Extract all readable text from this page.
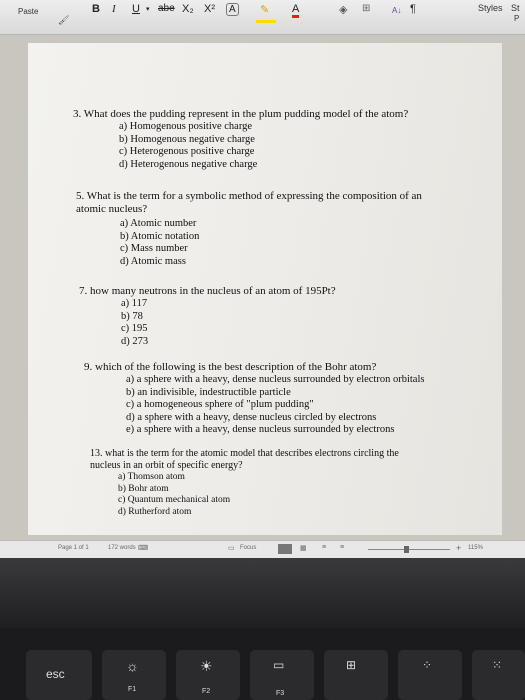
Paste
🖌
B I U ▾ abe X₂ X²	A ✎ A	◈ ⊞	A↓ ¶	Styles St
P
3. What does the pudding represent in the plum pudding model of the atom?
a) Homogenous positive charge
b) Homogenous negative charge
c) Heterogenous positive charge
d) Heterogenous negative charge
5. What is the term for a symbolic method of expressing the composition of an
atomic nucleus?
a) Atomic number
b) Atomic notation
c) Mass number
d) Atomic mass
7. how many neutrons in the nucleus of an atom of 195Pt?
a) 117
b) 78
c) 195
d) 273
9. which of the following is the best description of the Bohr atom?
a) a sphere with a heavy, dense nucleus surrounded by electron orbitals
b) an indivisible, indestructible particle
c) a homogeneous sphere of "plum pudding"
d) a sphere with a heavy, dense nucleus circled by electrons
e) a sphere with a heavy, dense nucleus surrounded by electrons
13. what is the term for the atomic model that describes electrons circling the
nucleus in an orbit of specific energy?
a) Thomson atom
b) Bohr atom
c) Quantum mechanical atom
d) Rutherford atom
Page 1 of 1	172 words ⌨	▭ Focus	▦ ≡ ≡	+ 115%
esc	☼
F1
☀
F2
▭
F3
⊞	⁘	⁙
